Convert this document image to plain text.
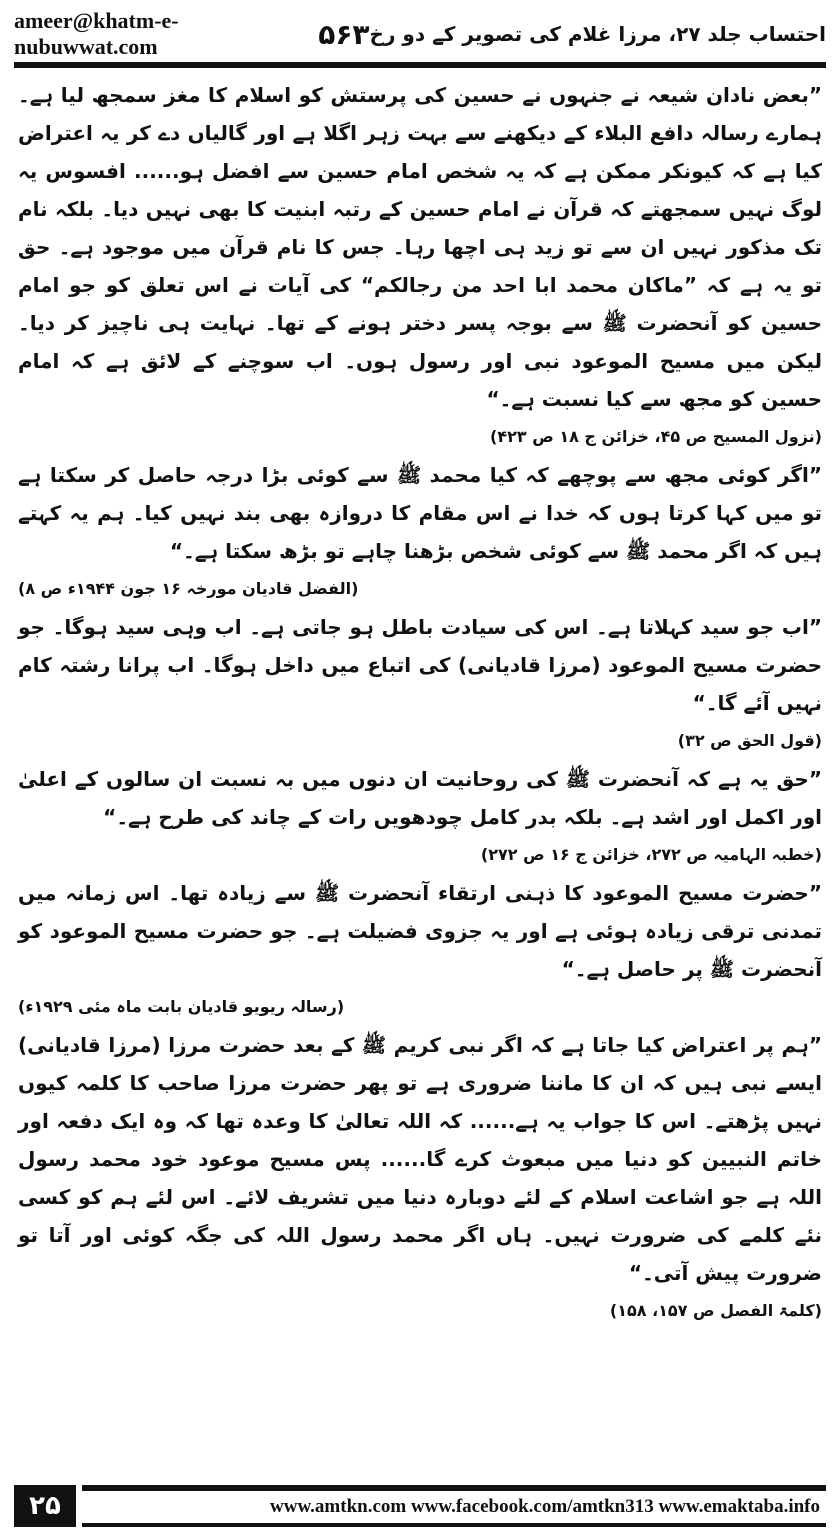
ameer@khatm-e-nubuwwat.com	۵۶۳ احتساب جلد ۲۷، مرزا غلام کی تصویر کے دو رخ

”بعض نادان شیعہ نے جنہوں نے حسین کی پرستش کو اسلام کا مغز سمجھ لیا ہے۔ ہمارے رسالہ دافع البلاء کے دیکھنے سے بہت زہر اگلا ہے اور گالیاں دے کر یہ اعتراض کیا ہے کہ کیونکر ممکن ہے کہ یہ شخص امام حسین سے افضل ہو...... افسوس یہ لوگ نہیں سمجھتے کہ قرآن نے امام حسین کے رتبہ ابنیت کا بھی نہیں دیا۔ بلکہ نام تک مذکور نہیں ان سے تو زید ہی اچھا رہا۔ جس کا نام قرآن میں موجود ہے۔ حق تو یہ ہے کہ ”ماکان محمد ابا احد من رجالکم“ کی آیات نے اس تعلق کو جو امام حسین کو آنحضرت ﷺ سے بوجہ پسر دختر ہونے کے تھا۔ نہایت ہی ناچیز کر دیا۔ لیکن میں مسیح الموعود نبی اور رسول ہوں۔ اب سوچنے کے لائق ہے کہ امام حسین کو مجھ سے کیا نسبت ہے۔“

(نزول المسیح ص ۴۵، خزائن ج ۱۸ ص ۴۲۳)

”اگر کوئی مجھ سے پوچھے کہ کیا محمد ﷺ سے کوئی بڑا درجہ حاصل کر سکتا ہے تو میں کہا کرتا ہوں کہ خدا نے اس مقام کا دروازہ بھی بند نہیں کیا۔ ہم یہ کہتے ہیں کہ اگر محمد ﷺ سے کوئی شخص بڑھنا چاہے تو بڑھ سکتا ہے۔“

(الفضل قادیان مورخہ ۱۶ جون ۱۹۴۴ء ص ۸)

”اب جو سید کہلاتا ہے۔ اس کی سیادت باطل ہو جاتی ہے۔ اب وہی سید ہوگا۔ جو حضرت مسیح الموعود (مرزا قادیانی) کی اتباع میں داخل ہوگا۔ اب پرانا رشتہ کام نہیں آئے گا۔“

(قول الحق ص ۳۲)

”حق یہ ہے کہ آنحضرت ﷺ کی روحانیت ان دنوں میں بہ نسبت ان سالوں کے اعلیٰ اور اکمل اور اشد ہے۔ بلکہ بدر کامل چودھویں رات کے چاند کی طرح ہے۔“

(خطبہ الہامیہ ص ۲۷۲، خزائن ج ۱۶ ص ۲۷۲)

”حضرت مسیح الموعود کا ذہنی ارتقاء آنحضرت ﷺ سے زیادہ تھا۔ اس زمانہ میں تمدنی ترقی زیادہ ہوئی ہے اور یہ جزوی فضیلت ہے۔ جو حضرت مسیح الموعود کو آنحضرت ﷺ پر حاصل ہے۔“

(رسالہ ریویو قادیان بابت ماہ مئی ۱۹۲۹ء)

”ہم پر اعتراض کیا جاتا ہے کہ اگر نبی کریم ﷺ کے بعد حضرت مرزا (مرزا قادیانی) ایسے نبی ہیں کہ ان کا ماننا ضروری ہے تو پھر حضرت مرزا صاحب کا کلمہ کیوں نہیں پڑھتے۔ اس کا جواب یہ ہے...... کہ اللہ تعالیٰ کا وعدہ تھا کہ وہ ایک دفعہ اور خاتم النبیین کو دنیا میں مبعوث کرے گا...... پس مسیح موعود خود محمد رسول اللہ ہے جو اشاعت اسلام کے لئے دوبارہ دنیا میں تشریف لائے۔ اس لئے ہم کو کسی نئے کلمے کی ضرورت نہیں۔ ہاں اگر محمد رسول اللہ کی جگہ کوئی اور آتا تو ضرورت پیش آتی۔“

(کلمۃ الفصل ص ۱۵۷، ۱۵۸)

۲۵	www.amtkn.com www.facebook.com/amtkn313 www.emaktaba.info
